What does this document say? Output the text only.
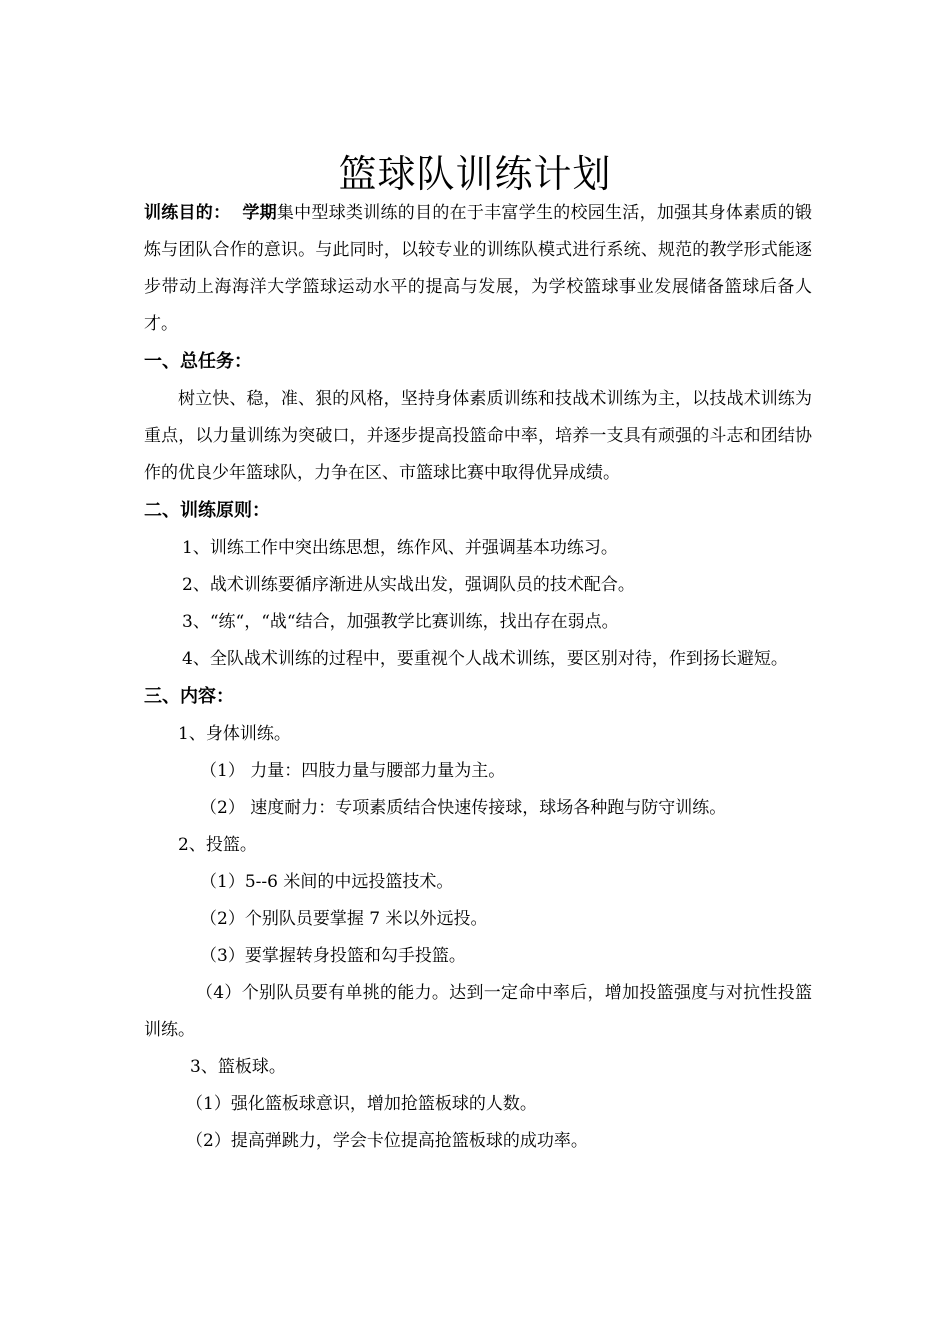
篮球队训练计划

训练目的： 学期集中型球类训练的目的在于丰富学生的校园生活，加强其身体素质的锻炼与团队合作的意识。与此同时，以较专业的训练队模式进行系统、规范的教学形式能逐步带动上海海洋大学篮球运动水平的提高与发展，为学校篮球事业发展储备篮球后备人才。

一、总任务：

树立快、稳，准、狠的风格，坚持身体素质训练和技战术训练为主，以技战术训练为重点，以力量训练为突破口，并逐步提高投篮命中率，培养一支具有顽强的斗志和团结协作的优良少年篮球队，力争在区、市篮球比赛中取得优异成绩。

二、训练原则：

1、训练工作中突出练思想，练作风、并强调基本功练习。

2、战术训练要循序渐进从实战出发，强调队员的技术配合。

3、“练“，“战“结合，加强教学比赛训练，找出存在弱点。

4、全队战术训练的过程中，要重视个人战术训练，要区别对待，作到扬长避短。

三、内容：

1、身体训练。

（1） 力量：四肢力量与腰部力量为主。

（2） 速度耐力：专项素质结合快速传接球，球场各种跑与防守训练。

2、投篮。

（1）5--6 米间的中远投篮技术。

（2）个别队员要掌握 7 米以外远投。

（3）要掌握转身投篮和勾手投篮。

（4）个别队员要有单挑的能力。达到一定命中率后，增加投篮强度与对抗性投篮训练。

3、篮板球。

（1）强化篮板球意识，增加抢篮板球的人数。

（2）提高弹跳力，学会卡位提高抢篮板球的成功率。
